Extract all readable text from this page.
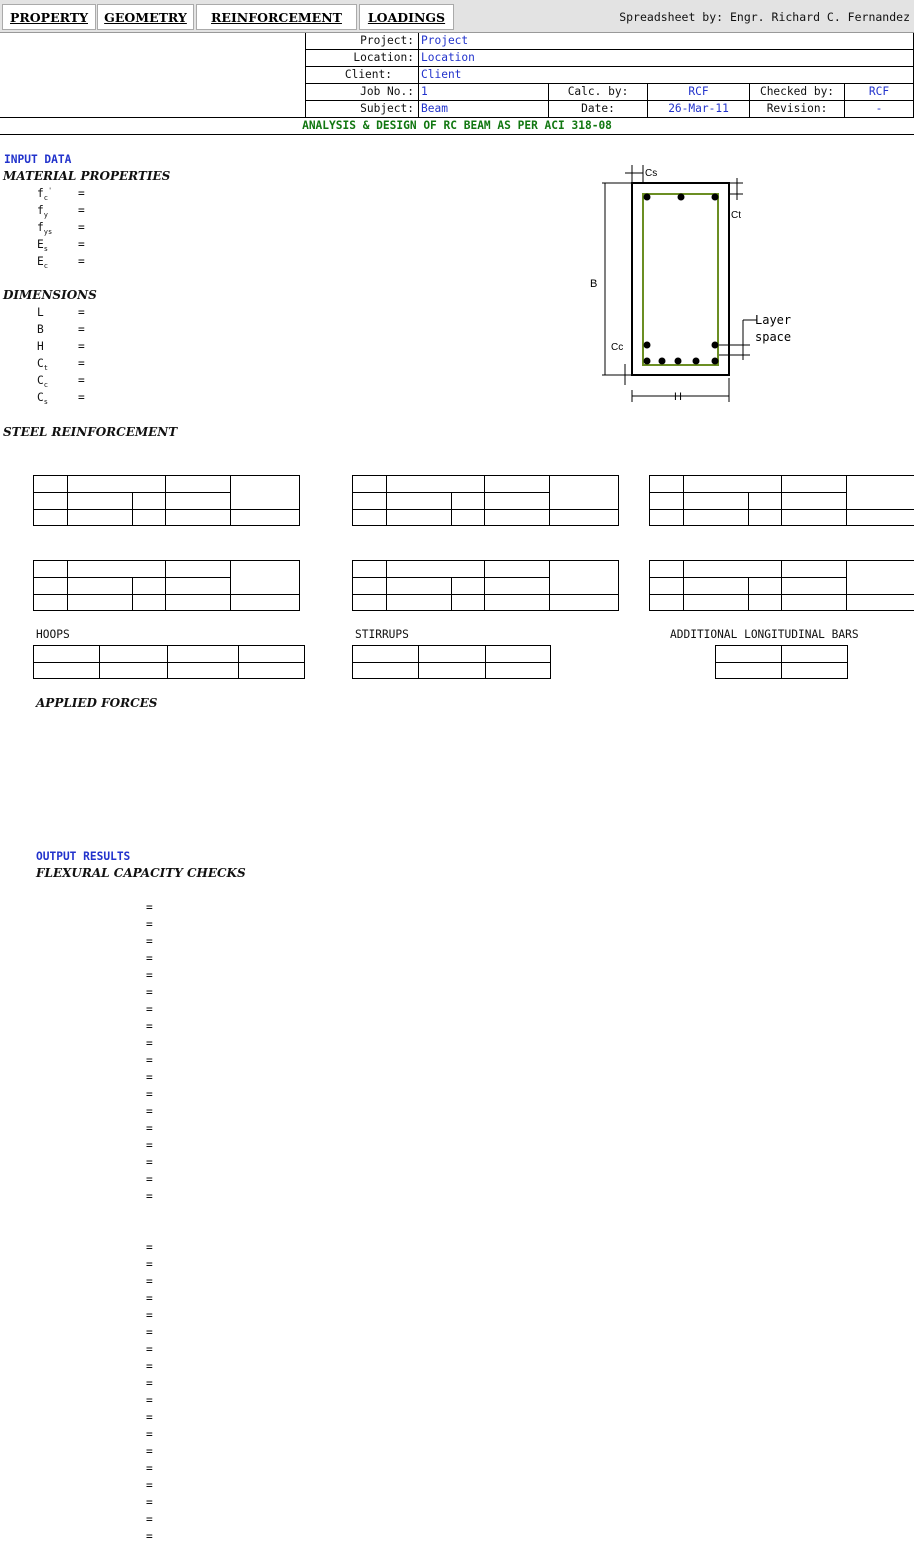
PROPERTY	GEOMETRY	REINFORCEMENT	LOADINGS	Spreadsheet by: Engr. Richard C. Fernandez
Project: Project
Location: Location
Client:	Client
Job No.: 1	Calc. by:	RCF	Checked by:	RCF
Subject: Beam	Date:	26-Mar-11	Revision:	-
ANALYSIS & DESIGN OF RC BEAM AS PER ACI 318-08
INPUT DATA
MATERIAL PROPERTIES
$f_c'$ =
$f_y$	=
$f_{ys}$ =
$E_s$	=
$E_c$	=
DIMENSIONS
L	=
B	=
H	=
$C_t$	=
$C_c$	=
$C_s$	=
Cs
Ct
B
Cc
H
Layer
space
STEEL REINFORCEMENT
HOOPS	STIRRUPS	ADDITIONAL LONGITUDINAL BARS
APPLIED FORCES
OUTPUT RESULTS
FLEXURAL CAPACITY CHECKS
=
=
=
=
=
=
=
=
=
=
=
=
=
=
=
=
=
=
=
=
=
=
=
=
=
=
=
=
=
=
=
=
=
=
=
=
